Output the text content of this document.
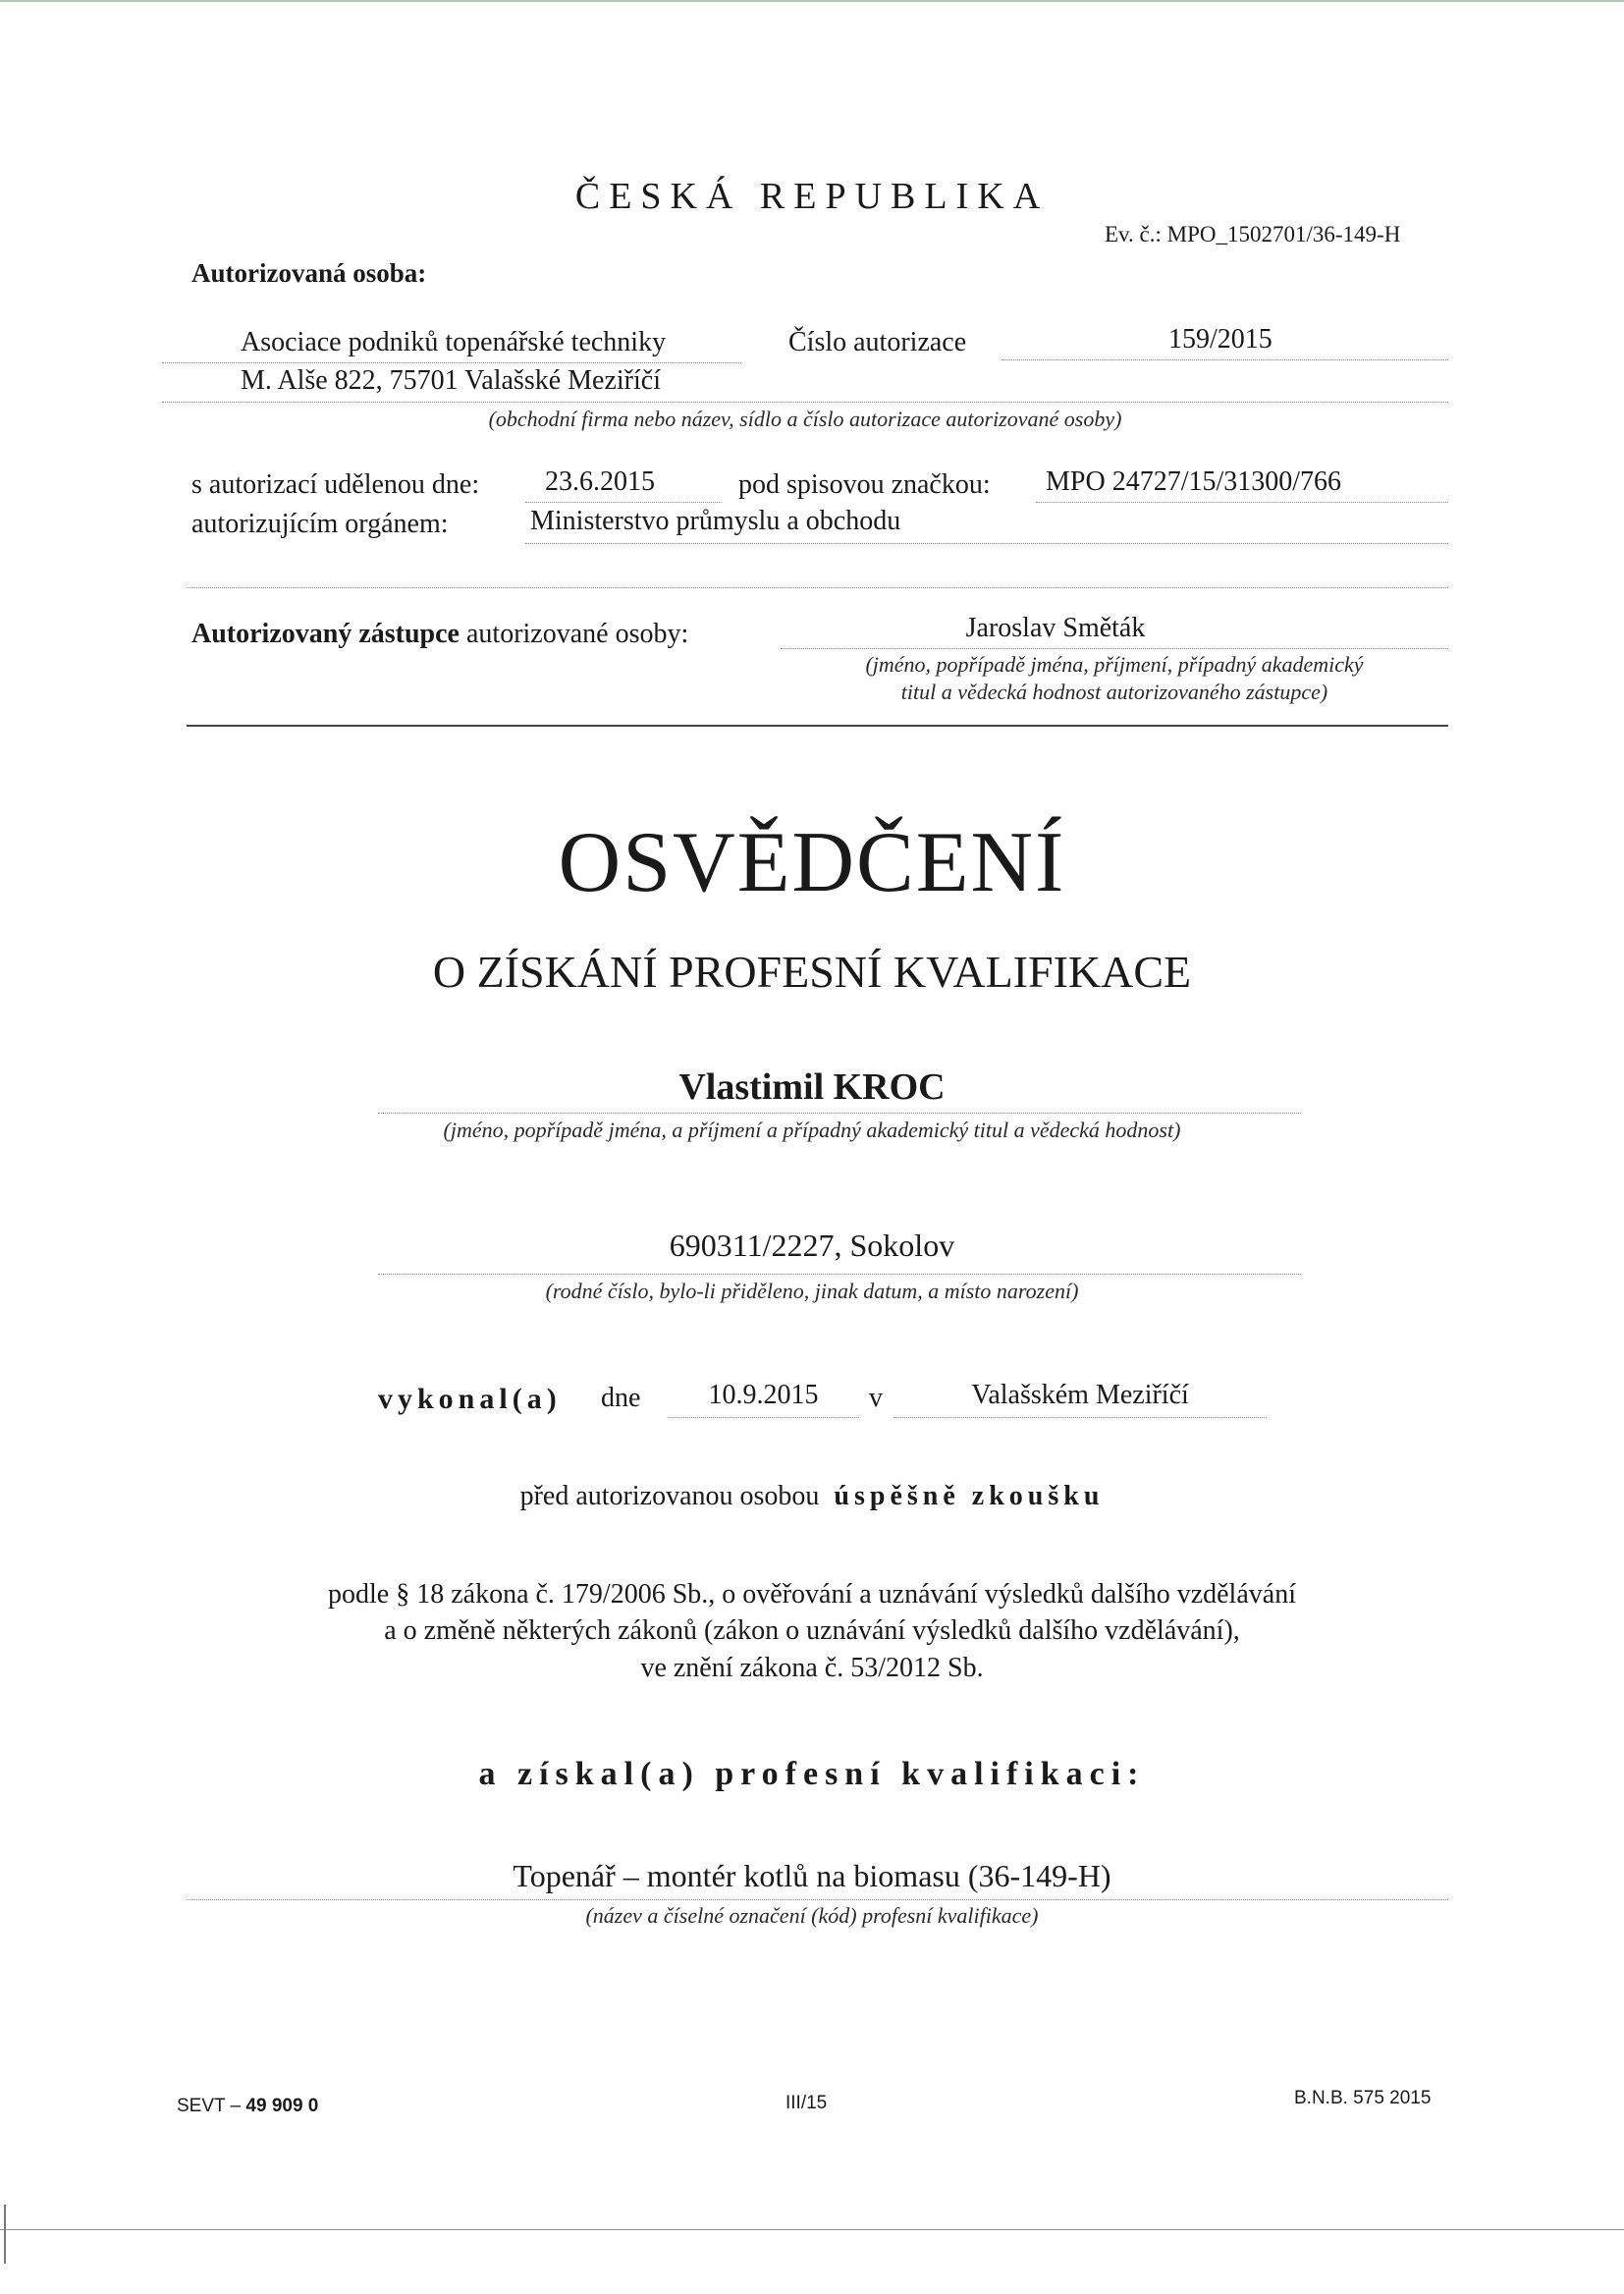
ČESKÁ REPUBLIKA
Ev. č.: MPO_1502701/36-149-H
Autorizovaná osoba:
Asociace podniků topenářské techniky	Číslo autorizace	159/2015
M. Alše 822, 75701 Valašské Meziříčí
(obchodní firma nebo název, sídlo a číslo autorizace autorizované osoby)
s autorizací udělenou dne: 23.6.2015	pod spisovou značkou: MPO 24727/15/31300/766
autorizujícím orgánem:	Ministerstvo průmyslu a obchodu
Autorizovaný zástupce autorizované osoby:	Jaroslav Směták
(jméno, popřípadě jména, příjmení, případný akademický
titul a vědecká hodnost autorizovaného zástupce)
OSVĚDČENÍ
O ZÍSKÁNÍ PROFESNÍ KVALIFIKACE
Vlastimil KROC
(jméno, popřípadě jména, a příjmení a případný akademický titul a vědecká hodnost)
690311/2227, Sokolov
(rodné číslo, bylo-li přiděleno, jinak datum, a místo narození)
vykonal(a) dne	10.9.2015	v	Valašském Meziříčí
před autorizovanou osobou úspěšně zkoušku
podle § 18 zákona č. 179/2006 Sb., o ověřování a uznávání výsledků dalšího vzdělávání
a o změně některých zákonů (zákon o uznávání výsledků dalšího vzdělávání),
ve znění zákona č. 53/2012 Sb.
a získal(a) profesní kvalifikaci:
Topenář – montér kotlů na biomasu (36-149-H)
(název a číselné označení (kód) profesní kvalifikace)
SEVT – 49 909 0	III/15	B.N.B. 575 2015
